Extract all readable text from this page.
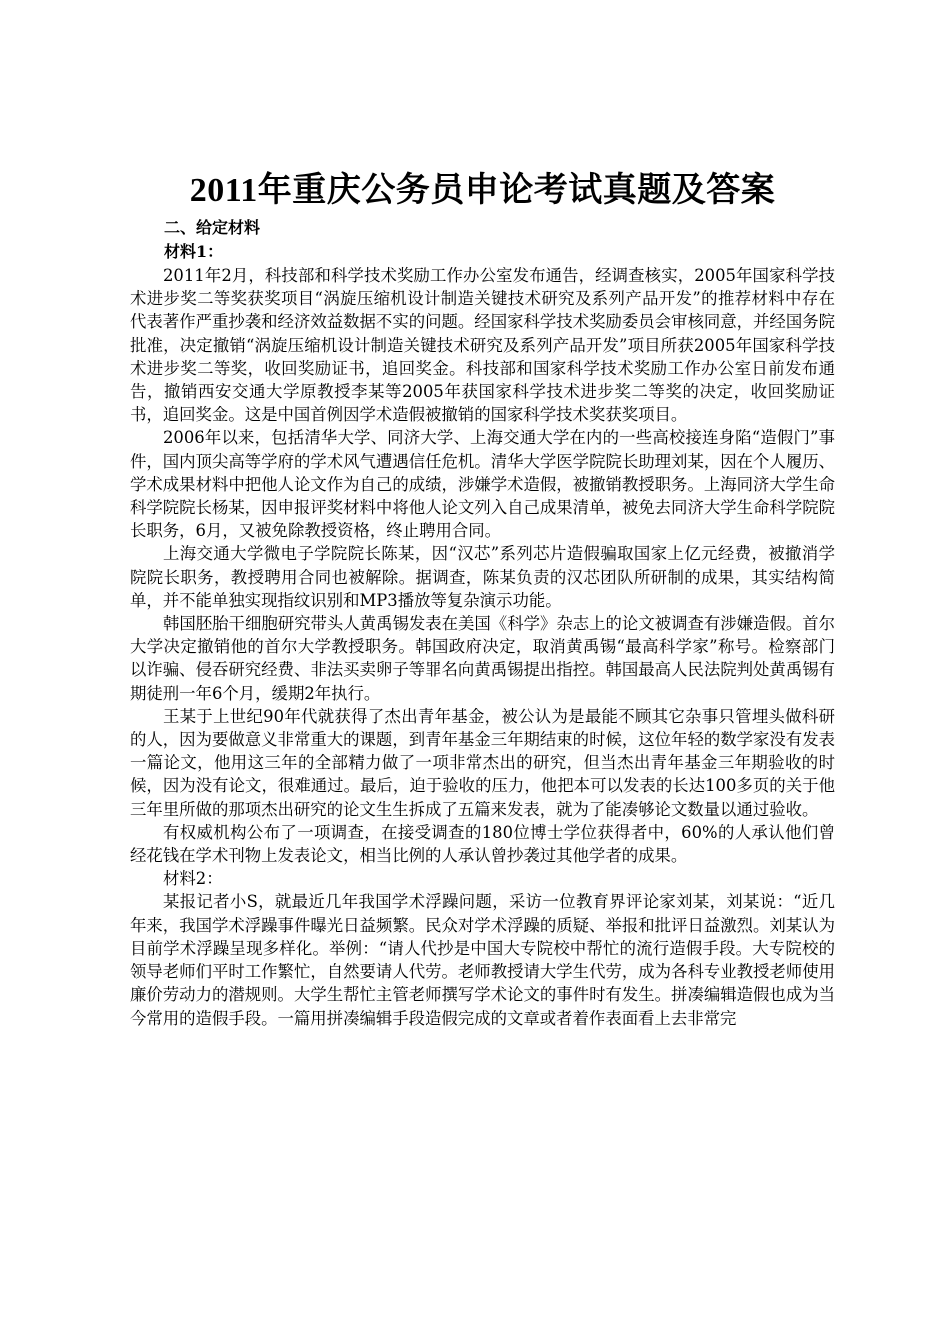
2011年重庆公务员申论考试真题及答案

二、给定材料

材料1：

2011年2月，科技部和科学技术奖励工作办公室发布通告，经调查核实，2005年国家科学技术进步奖二等奖获奖项目“涡旋压缩机设计制造关键技术研究及系列产品开发”的推荐材料中存在代表著作严重抄袭和经济效益数据不实的问题。经国家科学技术奖励委员会审核同意，并经国务院批准，决定撤销“涡旋压缩机设计制造关键技术研究及系列产品开发”项目所获2005年国家科学技术进步奖二等奖，收回奖励证书，追回奖金。科技部和国家科学技术奖励工作办公室日前发布通告，撤销西安交通大学原教授李某等2005年获国家科学技术进步奖二等奖的决定，收回奖励证书，追回奖金。这是中国首例因学术造假被撤销的国家科学技术奖获奖项目。

2006年以来，包括清华大学、同济大学、上海交通大学在内的一些高校接连身陷“造假门”事件，国内顶尖高等学府的学术风气遭遇信任危机。清华大学医学院院长助理刘某，因在个人履历、学术成果材料中把他人论文作为自己的成绩，涉嫌学术造假，被撤销教授职务。上海同济大学生命科学院院长杨某，因申报评奖材料中将他人论文列入自己成果清单，被免去同济大学生命科学院院长职务，6月，又被免除教授资格，终止聘用合同。

上海交通大学微电子学院院长陈某，因“汉芯”系列芯片造假骗取国家上亿元经费，被撤消学院院长职务，教授聘用合同也被解除。据调查，陈某负责的汉芯团队所研制的成果，其实结构简单，并不能单独实现指纹识别和MP3播放等复杂演示功能。

韩国胚胎干细胞研究带头人黄禹锡发表在美国《科学》杂志上的论文被调查有涉嫌造假。首尔大学决定撤销他的首尔大学教授职务。韩国政府决定，取消黄禹锡“最高科学家”称号。检察部门以诈骗、侵吞研究经费、非法买卖卵子等罪名向黄禹锡提出指控。韩国最高人民法院判处黄禹锡有期徒刑一年6个月，缓期2年执行。

王某于上世纪90年代就获得了杰出青年基金，被公认为是最能不顾其它杂事只管埋头做科研的人，因为要做意义非常重大的课题，到青年基金三年期结束的时候，这位年轻的数学家没有发表一篇论文，他用这三年的全部精力做了一项非常杰出的研究，但当杰出青年基金三年期验收的时候，因为没有论文，很难通过。最后，迫于验收的压力，他把本可以发表的长达100多页的关于他三年里所做的那项杰出研究的论文生生拆成了五篇来发表，就为了能凑够论文数量以通过验收。

有权威机构公布了一项调查，在接受调查的180位博士学位获得者中，60%的人承认他们曾经花钱在学术刊物上发表论文，相当比例的人承认曾抄袭过其他学者的成果。

材料2：

某报记者小S，就最近几年我国学术浮躁问题，采访一位教育界评论家刘某，刘某说：“近几年来，我国学术浮躁事件曝光日益频繁。民众对学术浮躁的质疑、举报和批评日益激烈。刘某认为目前学术浮躁呈现多样化。举例：“请人代抄是中国大专院校中帮忙的流行造假手段。大专院校的领导老师们平时工作繁忙，自然要请人代劳。老师教授请大学生代劳，成为各科专业教授老师使用廉价劳动力的潜规则。大学生帮忙主管老师撰写学术论文的事件时有发生。拼凑编辑造假也成为当今常用的造假手段。一篇用拼凑编辑手段造假完成的文章或者着作表面看上去非常完
